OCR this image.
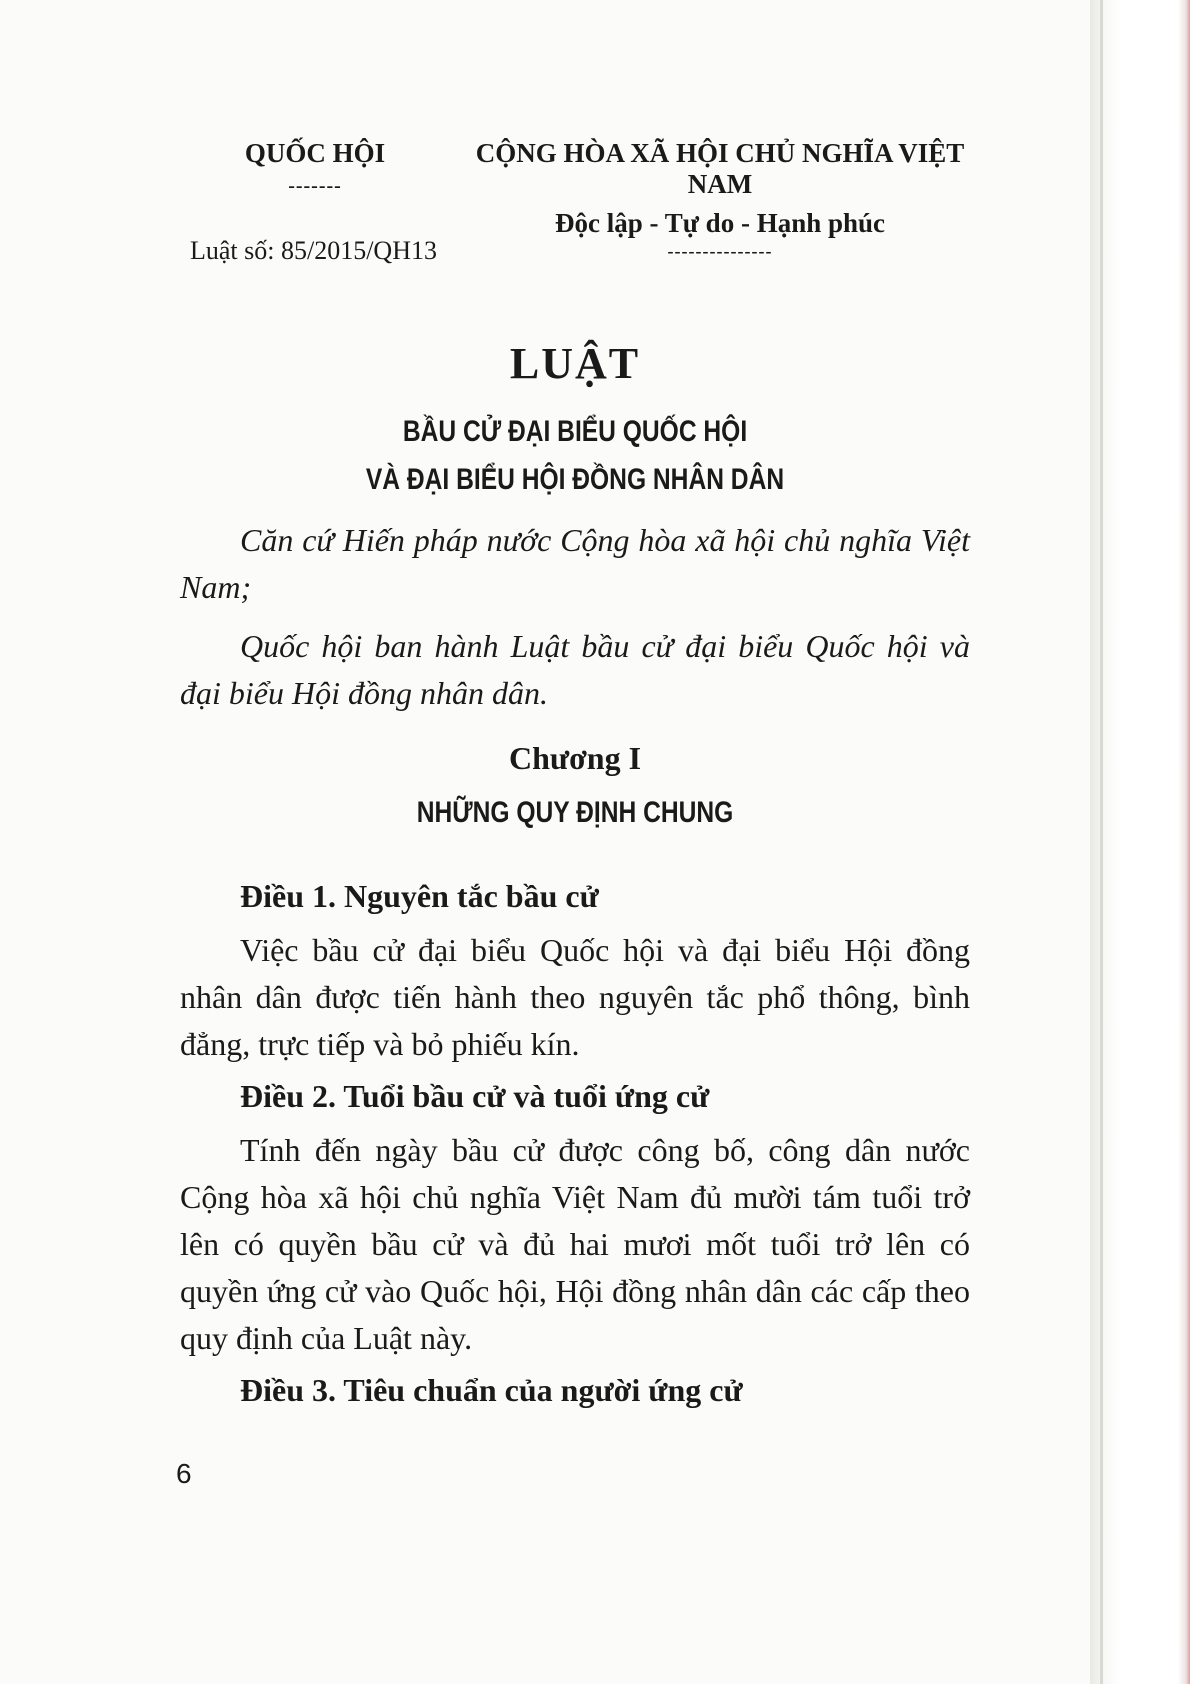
QUỐC HỘI
-------
CỘNG HÒA XÃ HỘI CHỦ NGHĨA VIỆT NAM
Độc lập - Tự do - Hạnh phúc
---------------
Luật số: 85/2015/QH13
LUẬT
BẦU CỬ ĐẠI BIỂU QUỐC HỘI
VÀ ĐẠI BIỂU HỘI ĐỒNG NHÂN DÂN

Căn cứ Hiến pháp nước Cộng hòa xã hội chủ nghĩa Việt Nam;

Quốc hội ban hành Luật bầu cử đại biểu Quốc hội và đại biểu Hội đồng nhân dân.

Chương I
NHỮNG QUY ĐỊNH CHUNG
Điều 1. Nguyên tắc bầu cử

Việc bầu cử đại biểu Quốc hội và đại biểu Hội đồng nhân dân được tiến hành theo nguyên tắc phổ thông, bình đẳng, trực tiếp và bỏ phiếu kín.

Điều 2. Tuổi bầu cử và tuổi ứng cử

Tính đến ngày bầu cử được công bố, công dân nước Cộng hòa xã hội chủ nghĩa Việt Nam đủ mười tám tuổi trở lên có quyền bầu cử và đủ hai mươi mốt tuổi trở lên có quyền ứng cử vào Quốc hội, Hội đồng nhân dân các cấp theo quy định của Luật này.

Điều 3. Tiêu chuẩn của người ứng cử
6
